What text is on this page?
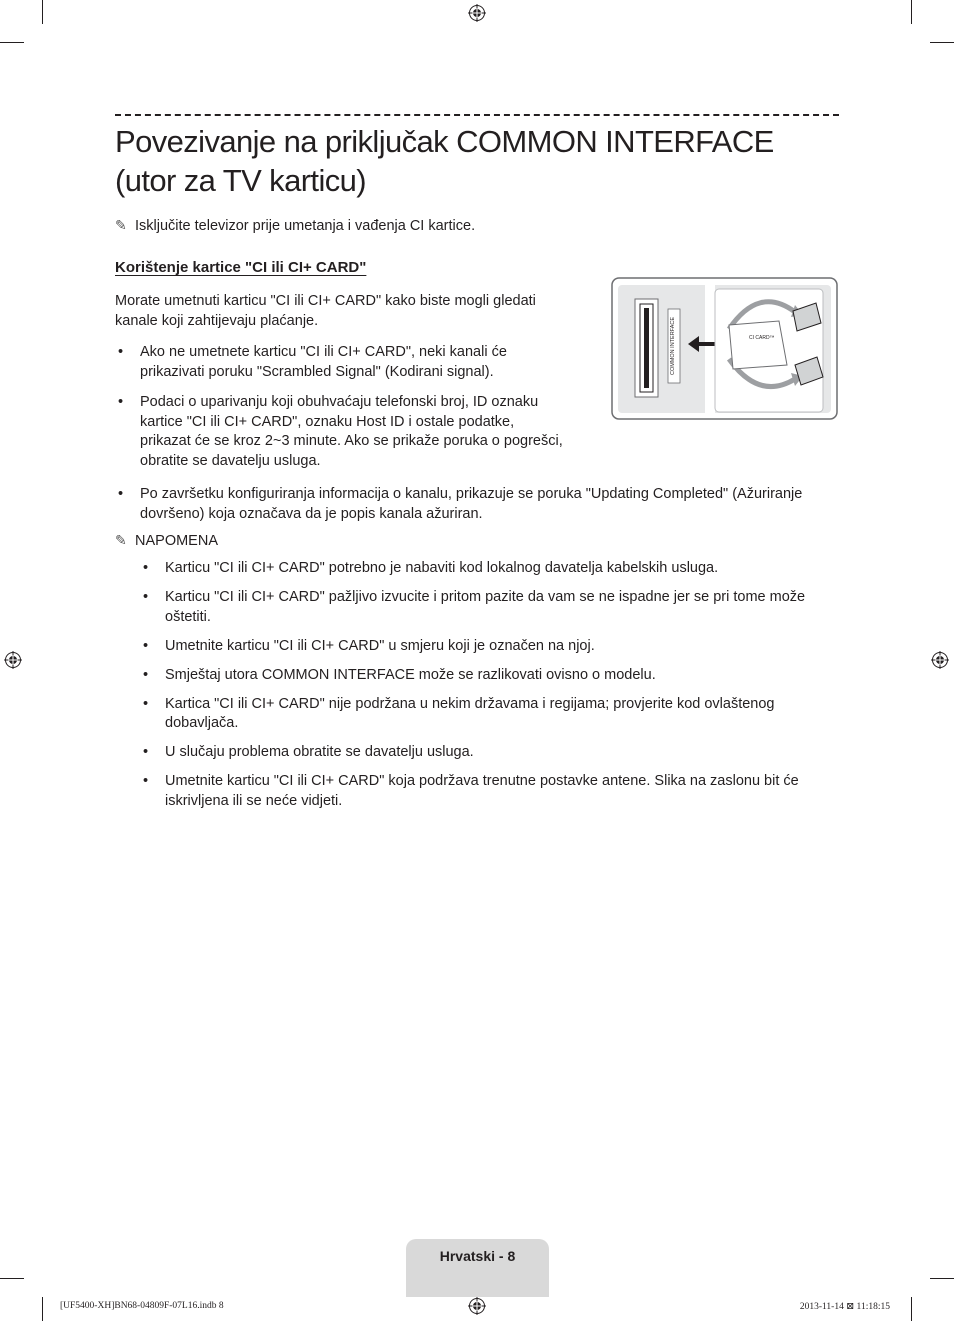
Povezivanje na priključak COMMON INTERFACE (utor za TV karticu)
✎ Isključite televizor prije umetanja i vađenja CI kartice.
Korištenje kartice "CI ili CI+ CARD"
Morate umetnuti karticu "CI ili CI+ CARD" kako biste mogli gledati kanale koji zahtijevaju plaćanje.
• Ako ne umetnete karticu "CI ili CI+ CARD", neki kanali će prikazivati poruku "Scrambled Signal" (Kodirani signal).
• Podaci o uparivanju koji obuhvaćaju telefonski broj, ID oznaku kartice "CI ili CI+ CARD", oznaku Host ID i ostale podatke, prikazat će se kroz 2~3 minute. Ako se prikaže poruka o pogrešci, obratite se davatelju usluga.
• Po završetku konfiguriranja informacija o kanalu, prikazuje se poruka "Updating Completed" (Ažuriranje dovršeno) koja označava da je popis kanala ažuriran.
✎ NAPOMENA
• Karticu "CI ili CI+ CARD" potrebno je nabaviti kod lokalnog davatelja kabelskih usluga.
• Karticu "CI ili CI+ CARD" pažljivo izvucite i pritom pazite da vam se ne ispadne jer se pri tome može oštetiti.
• Umetnite karticu "CI ili CI+ CARD" u smjeru koji je označen na njoj.
• Smještaj utora COMMON INTERFACE može se razlikovati ovisno o modelu.
• Kartica "CI ili CI+ CARD" nije podržana u nekim državama i regijama; provjerite kod ovlaštenog dobavljača.
• U slučaju problema obratite se davatelju usluga.
• Umetnite karticu "CI ili CI+ CARD" koja podržava trenutne postavke antene. Slika na zaslonu bit će iskrivljena ili se neće vidjeti.
COMMON INTERFACE	CI CARD™
Hrvatski - 8
[UF5400-XH]BN68-04809F-07L16.indb 8	2013-11-14 ⊠ 11:18:15
